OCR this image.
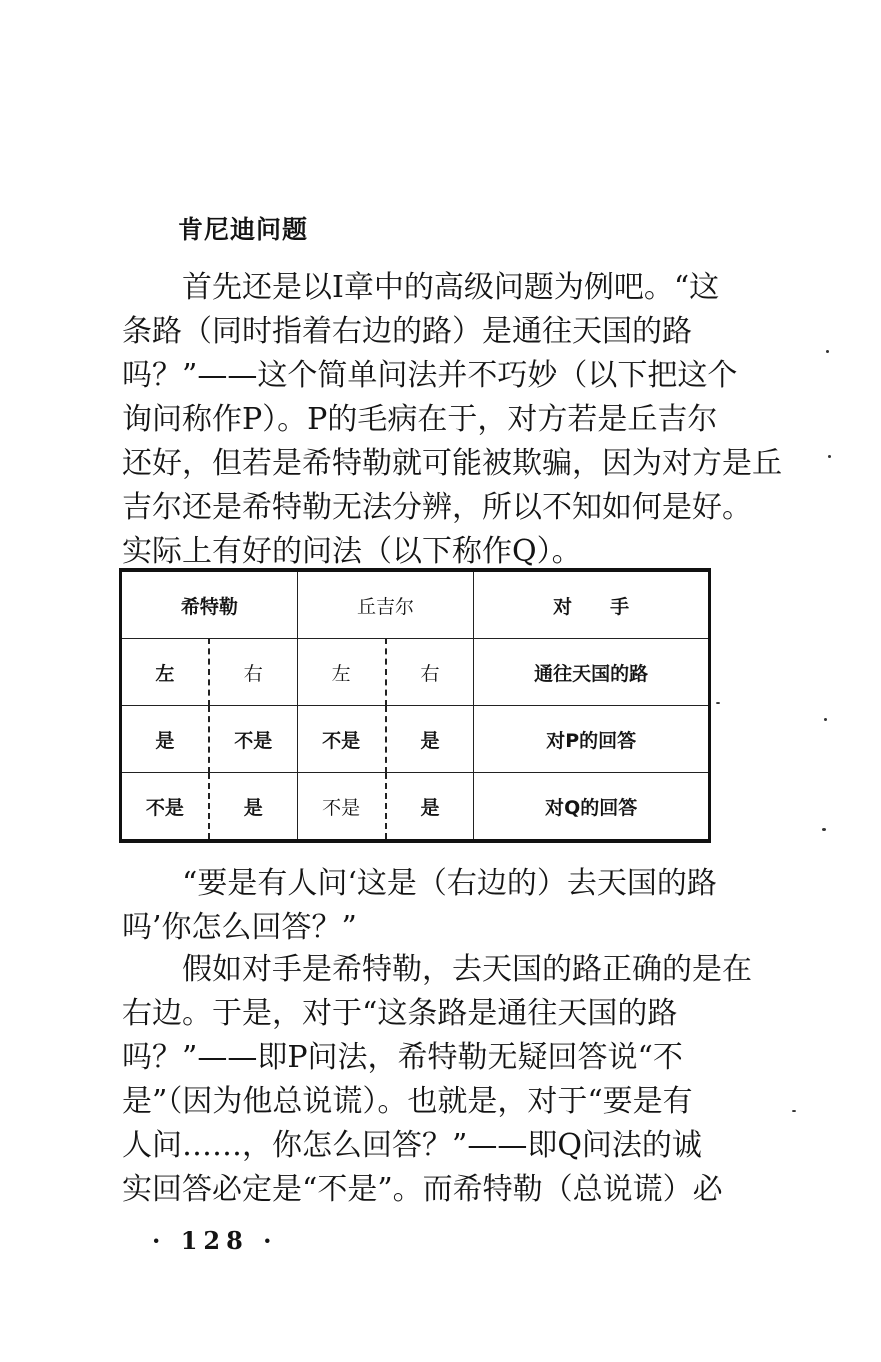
肯尼迪问题
首先还是以I章中的高级问题为例吧。“这
条路（同时指着右边的路）是通往天国的路
吗？”——这个简单问法并不巧妙（以下把这个
询问称作P）。P的毛病在于，对方若是丘吉尔
还好，但若是希特勒就可能被欺骗，因为对方是丘
吉尔还是希特勒无法分辨，所以不知如何是好。
实际上有好的问法（以下称作Q）。
希特勒		丘吉尔		对　　手
左	右	左	右	通往天国的路
是	不是	不是	是	对P的回答
不是	是	不是	是	对Q的回答
“要是有人问‘这是（右边的）去天国的路
吗’你怎么回答？”
假如对手是希特勒，去天国的路正确的是在
右边。于是，对于“这条路是通往天国的路
吗？”——即P问法，希特勒无疑回答说“不
是”（因为他总说谎）。也就是，对于“要是有
人问……，你怎么回答？”——即Q问法的诚
实回答必定是“不是”。而希特勒（总说谎）必
· 128 ·
